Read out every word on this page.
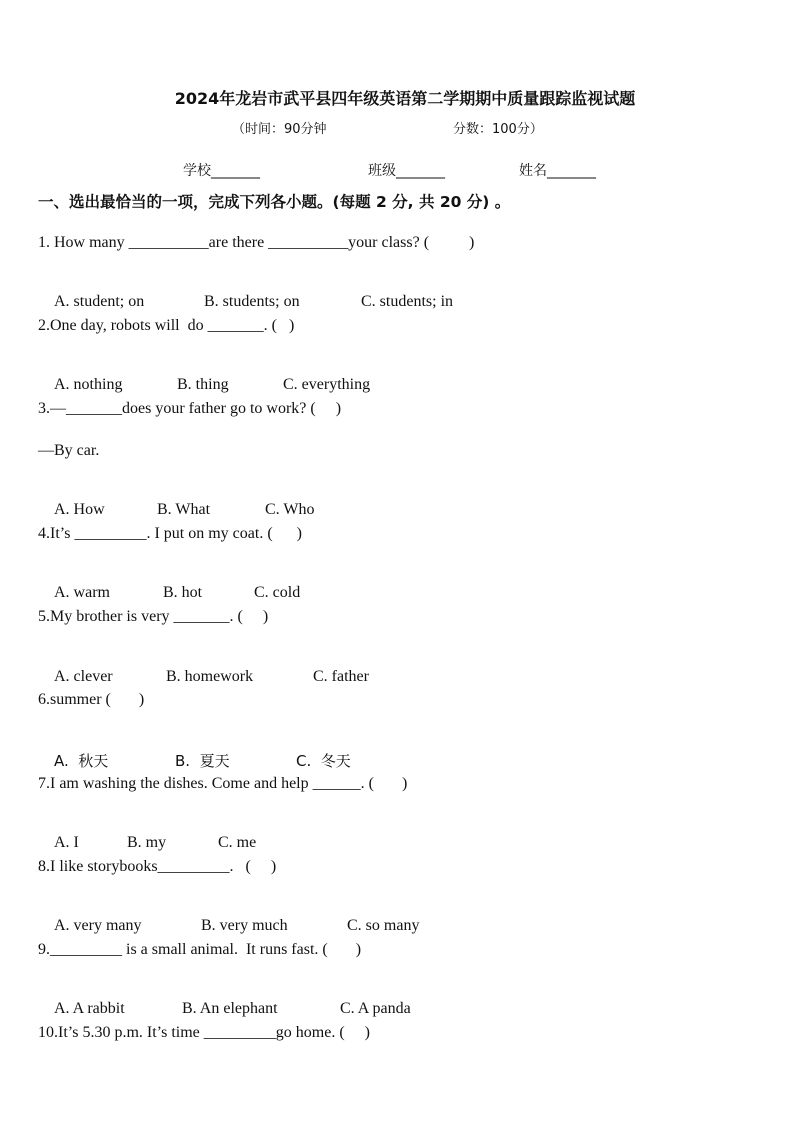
2024年龙岩市武平县四年级英语第二学期期中质量跟踪监视试题
（时间：90分钟	分数：100分）
学校_______	班级_______	姓名_______
一、选出最恰当的一项，完成下列各小题。(每题 2 分, 共 20 分) 。
1. How many __________are there __________your class? (          )

A. student; on	B. students; on	C. students; in

2.One day, robots will  do _______. (   )

A. nothing	B. thing	C. everything

3.—_______does your father go to work? (     )
—By car.

A. How	B. What	C. Who

4.It’s _________. I put on my coat. (      )

A. warm	B. hot	C. cold

5.My brother is very _______. (     )

A. clever	B. homework	C. father

6.summer (       )

A.  秋天	B.  夏天	C.  冬天

7.I am washing the dishes. Come and help ______. (       )

A. I	B. my	C. me

8.I like storybooks_________.   (     )

A. very many	B. very much	C. so many

9._________ is a small animal.  It runs fast. (       )

A. A rabbit	B. An elephant	C. A panda

10.It’s 5.30 p.m. It’s time _________go home. (     )
